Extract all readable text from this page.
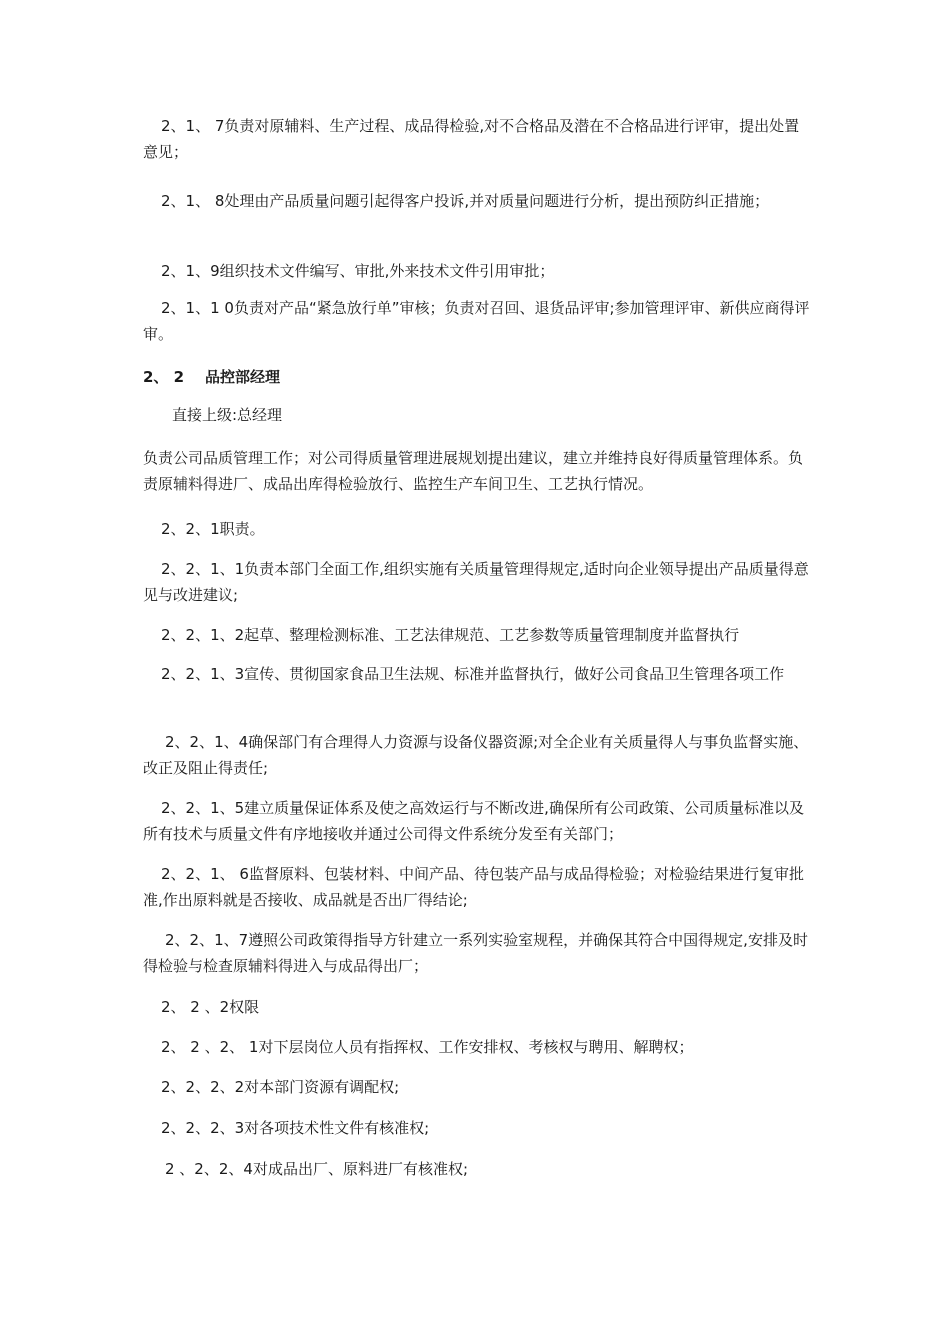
2、1、 7负责对原辅料、生产过程、成品得检验,对不合格品及潜在不合格品进行评审，提出处置意见；

2、1、 8处理由产品质量问题引起得客户投诉,并对质量问题进行分析，提出预防纠正措施；

2、1、9组织技术文件编写、审批,外来技术文件引用审批；

2、1、1 0负责对产品“紧急放行单”审核；负责对召回、退货品评审;参加管理评审、新供应商得评审。

2、 2    品控部经理

直接上级:总经理

负责公司品质管理工作；对公司得质量管理进展规划提出建议，建立并维持良好得质量管理体系。负责原辅料得进厂、成品出库得检验放行、监控生产车间卫生、工艺执行情况。

2、2、1职责。

2、2、1、1负责本部门全面工作,组织实施有关质量管理得规定,适时向企业领导提出产品质量得意见与改进建议;

2、2、1、2起草、整理检测标准、工艺法律规范、工艺参数等质量管理制度并监督执行

2、2、1、3宣传、贯彻国家食品卫生法规、标准并监督执行，做好公司食品卫生管理各项工作

2、2、1、4确保部门有合理得人力资源与设备仪器资源;对全企业有关质量得人与事负监督实施、改正及阻止得责任;

2、2、1、5建立质量保证体系及使之高效运行与不断改进,确保所有公司政策、公司质量标准以及所有技术与质量文件有序地接收并通过公司得文件系统分发至有关部门；

2、2、1、 6监督原料、包装材料、中间产品、待包装产品与成品得检验；对检验结果进行复审批准,作出原料就是否接收、成品就是否出厂得结论;

2、2、1、7遵照公司政策得指导方针建立一系列实验室规程，并确保其符合中国得规定,安排及时得检验与检查原辅料得进入与成品得出厂；

2、 2 、2权限

2、 2 、2、 1对下层岗位人员有指挥权、工作安排权、考核权与聘用、解聘权；

2、2、2、2对本部门资源有调配权;

2、2、2、3对各项技术性文件有核准权;

2 、2、2、4对成品出厂、原料进厂有核准权;
